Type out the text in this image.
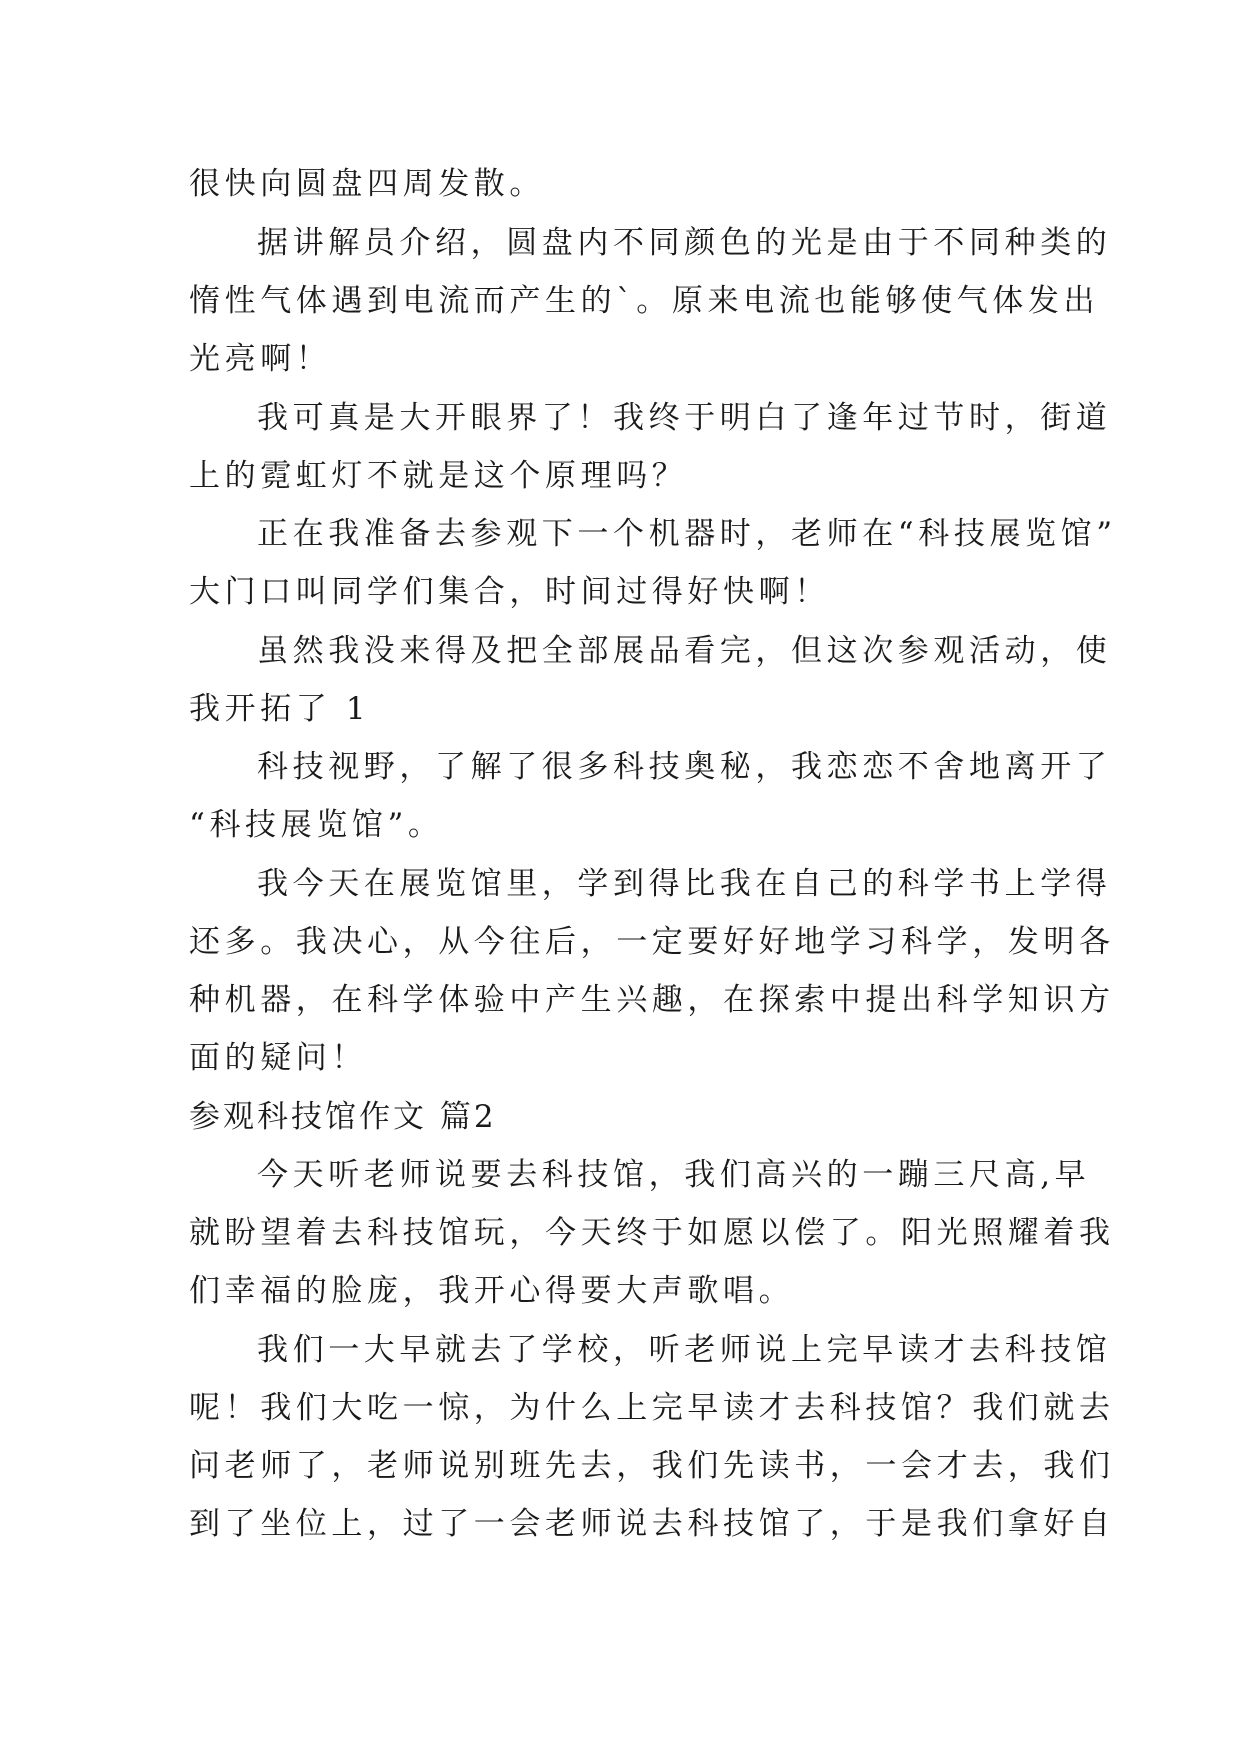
很快向圆盘四周发散。
据讲解员介绍，圆盘内不同颜色的光是由于不同种类的
惰性气体遇到电流而产生的`。原来电流也能够使气体发出
光亮啊！
我可真是大开眼界了！我终于明白了逢年过节时，街道
上的霓虹灯不就是这个原理吗？
正在我准备去参观下一个机器时，老师在“科技展览馆”
大门口叫同学们集合，时间过得好快啊！
虽然我没来得及把全部展品看完，但这次参观活动，使
我开拓了 1
科技视野，了解了很多科技奥秘，我恋恋不舍地离开了
“科技展览馆”。
我今天在展览馆里，学到得比我在自己的科学书上学得
还多。我决心，从今往后，一定要好好地学习科学，发明各
种机器，在科学体验中产生兴趣，在探索中提出科学知识方
面的疑问！
参观科技馆作文 篇2
今天听老师说要去科技馆，我们高兴的一蹦三尺高,早
就盼望着去科技馆玩，今天终于如愿以偿了。阳光照耀着我
们幸福的脸庞，我开心得要大声歌唱。
我们一大早就去了学校，听老师说上完早读才去科技馆
呢！我们大吃一惊，为什么上完早读才去科技馆？我们就去
问老师了，老师说别班先去，我们先读书，一会才去，我们
到了坐位上，过了一会老师说去科技馆了，于是我们拿好自
